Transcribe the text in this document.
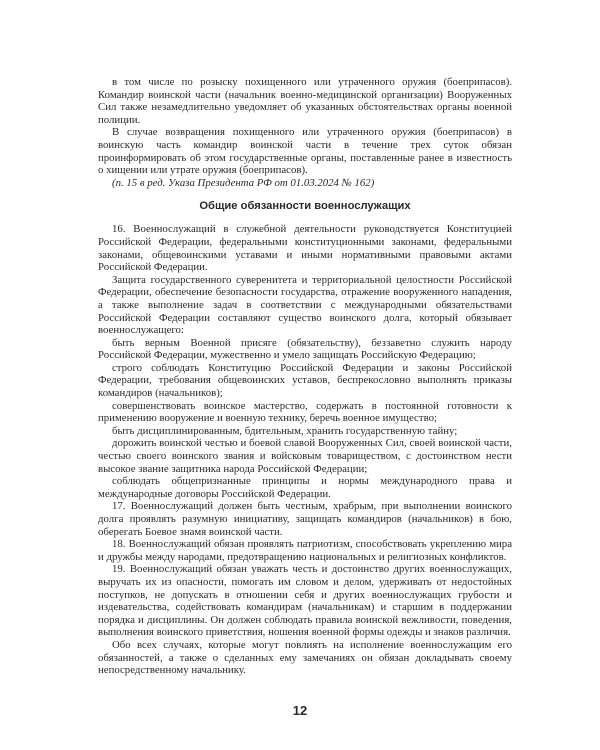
в том числе по розыску похищенного или утраченного оружия (боеприпасов). Командир воинской части (начальник военно-медицинской организации) Вооруженных Сил также незамедлительно уведомляет об указанных обстоятельствах органы военной полиции.

В случае возвращения похищенного или утраченного оружия (боеприпасов) в воинскую часть командир воинской части в течение трех суток обязан проинформировать об этом государственные органы, поставленные ранее в известность о хищении или утрате оружия (боеприпасов).

(п. 15 в ред. Указа Президента РФ от 01.03.2024 № 162)

Общие обязанности военнослужащих

16. Военнослужащий в служебной деятельности руководствуется Конституцией Российской Федерации, федеральными конституционными законами, федеральными законами, общевоинскими уставами и иными нормативными правовыми актами Российской Федерации.

Защита государственного суверенитета и территориальной целостности Российской Федерации, обеспечение безопасности государства, отражение вооруженного нападения, а также выполнение задач в соответствии с международными обязательствами Российской Федерации составляют существо воинского долга, который обязывает военнослужащего:

быть верным Военной присяге (обязательству), беззаветно служить народу Российской Федерации, мужественно и умело защищать Российскую Федерацию;

строго соблюдать Конституцию Российской Федерации и законы Российской Федерации, требования общевоинских уставов, беспрекословно выполнять приказы командиров (начальников);

совершенствовать воинское мастерство, содержать в постоянной готовности к применению вооружение и военную технику, беречь военное имущество;

быть дисциплинированным, бдительным, хранить государственную тайну;

дорожить воинской честью и боевой славой Вооруженных Сил, своей воинской части, честью своего воинского звания и войсковым товариществом, с достоинством нести высокое звание защитника народа Российской Федерации;

соблюдать общепризнанные принципы и нормы международного права и международные договоры Российской Федерации.

17. Военнослужащий должен быть честным, храбрым, при выполнении воинского долга проявлять разумную инициативу, защищать командиров (начальников) в бою, оберегать Боевое знамя воинской части.

18. Военнослужащий обязан проявлять патриотизм, способствовать укреплению мира и дружбы между народами, предотвращению национальных и религиозных конфликтов.

19. Военнослужащий обязан уважать честь и достоинство других военнослужащих, выручать их из опасности, помогать им словом и делом, удерживать от недостойных поступков, не допускать в отношении себя и других военнослужащих грубости и издевательства, содействовать командирам (начальникам) и старшим в поддержании порядка и дисциплины. Он должен соблюдать правила воинской вежливости, поведения, выполнения воинского приветствия, ношения военной формы одежды и знаков различия.

Обо всех случаях, которые могут повлиять на исполнение военнослужащим его обязанностей, а также о сделанных ему замечаниях он обязан докладывать своему непосредственному начальнику.

12
